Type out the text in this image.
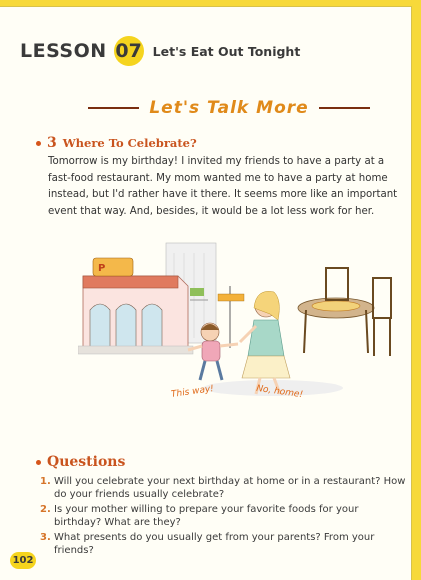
LESSON 07 Let's Eat Out Tonight
Let's Talk More
3 Where To Celebrate?
Tomorrow is my birthday! I invited my friends to have a party at a
fast-food restaurant. My mom wanted me to have a party at home
instead, but I'd rather have it there. It seems more like an important
event that way. And, besides, it would be a lot less work for her.
P
This way!	No, home!
Questions
1. Will you celebrate your next birthday at home or in a restaurant? How
do your friends usually celebrate?
2. Is your mother willing to prepare your favorite foods for your
birthday? What are they?
3. What presents do you usually get from your parents? From your friends?
102
